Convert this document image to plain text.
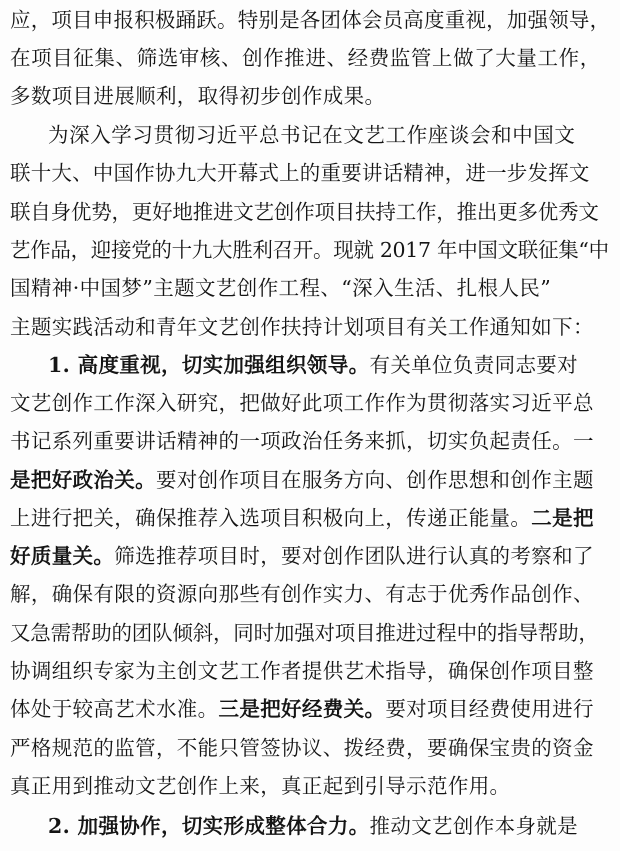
应，项目申报积极踊跃。特别是各团体会员高度重视，加强领导，
在项目征集、筛选审核、创作推进、经费监管上做了大量工作，
多数项目进展顺利，取得初步创作成果。
为深入学习贯彻习近平总书记在文艺工作座谈会和中国文
联十大、中国作协九大开幕式上的重要讲话精神，进一步发挥文
联自身优势，更好地推进文艺创作项目扶持工作，推出更多优秀文
艺作品，迎接党的十九大胜利召开。现就 2017 年中国文联征集“中
国精神·中国梦”主题文艺创作工程、“深入生活、扎根人民”
主题实践活动和青年文艺创作扶持计划项目有关工作通知如下：
1. 高度重视，切实加强组织领导。有关单位负责同志要对
文艺创作工作深入研究，把做好此项工作作为贯彻落实习近平总
书记系列重要讲话精神的一项政治任务来抓，切实负起责任。一
是把好政治关。要对创作项目在服务方向、创作思想和创作主题
上进行把关，确保推荐入选项目积极向上，传递正能量。二是把
好质量关。筛选推荐项目时，要对创作团队进行认真的考察和了
解，确保有限的资源向那些有创作实力、有志于优秀作品创作、
又急需帮助的团队倾斜，同时加强对项目推进过程中的指导帮助，
协调组织专家为主创文艺工作者提供艺术指导，确保创作项目整
体处于较高艺术水准。三是把好经费关。要对项目经费使用进行
严格规范的监管，不能只管签协议、拨经费，要确保宝贵的资金
真正用到推动文艺创作上来，真正起到引导示范作用。
2. 加强协作，切实形成整体合力。推动文艺创作本身就是
